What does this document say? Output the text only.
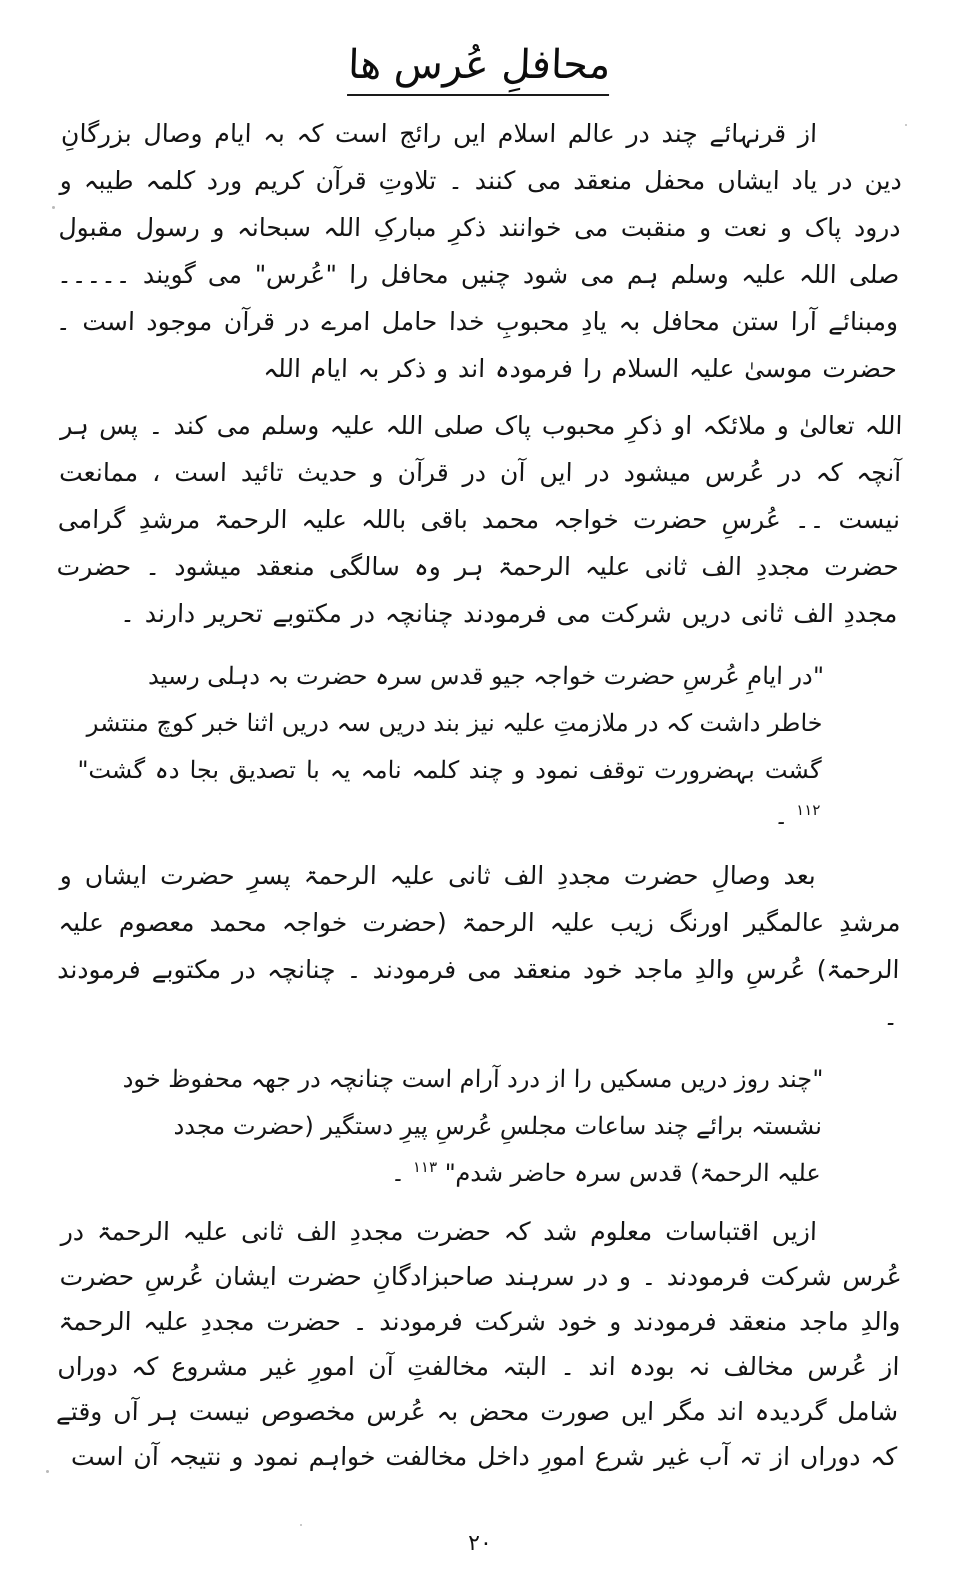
محافلِ عُرس ها
از قرنہائے چند در عالم اسلام ایں رائج است کہ بہ ایام وصال بزرگانِ دین در یاد ایشاں محفل منعقد می کنند ۔ تلاوتِ قرآن کریم ورد کلمہ طیبہ و درود پاک و نعت و منقبت می خوانند ذکرِ مبارکِ اللہ سبحانہ و رسول مقبول صلی اللہ علیہ وسلم ہم می شود چنیں محافل را "عُرس" می گویند ۔۔۔۔۔ ومبنائے آرا ستن محافل بہ یادِ محبوبِ خدا حامل امرے در قرآن موجود است ۔ حضرت موسیٰ علیہ السلام را فرمودہ اند و ذکر بہ ایام اللہ
اللہ تعالیٰ و ملائکہ او ذکرِ محبوب پاک صلی اللہ علیہ وسلم می کند ۔ پس ہر آنچہ کہ در عُرس میشود در ایں آن در قرآن و حدیث تائید است ، ممانعت نیست ۔۔ عُرسِ حضرت خواجہ محمد باقی باللہ علیہ الرحمۃ مرشدِ گرامی حضرت مجددِ الف ثانی علیہ الرحمۃ ہر وہ سالگی منعقد میشود ۔ حضرت مجددِ الف ثانی دریں شرکت می فرمودند چنانچہ در مکتوبے تحریر دارند ۔
"در ایامِ عُرسِ حضرت خواجہ جیو قدس سرہ حضرت بہ دہلی رسید
خاطر داشت کہ در ملازمتِ علیہ نیز بند دریں سہ دریں اثنا خبر کوچ منتشر
گشت بہضرورت توقف نمود و چند کلمہ نامہ یہ با تصدیق بجا دہ گشت" $^{۱۱۲}$ ۔
بعد وصالِ حضرت مجددِ الف ثانی علیہ الرحمۃ پسرِ حضرت ایشاں و مرشدِ عالمگیر اورنگ زیب علیہ الرحمۃ (حضرت خواجہ محمد معصوم علیہ الرحمۃ) عُرسِ والدِ ماجد خود منعقد می فرمودند ۔ چنانچہ در مکتوبے فرمودند ۔
"چند روز دریں مسکیں را از درد آرام است چنانچہ در جھہ محفوظ خود
نشستہ برائے چند ساعات مجلسِ عُرسِ پیرِ دستگیر (حضرت مجدد
علیہ الرحمۃ) قدس سرہ حاضر شدم" $^{۱۱۳}$ ۔
ازیں اقتباسات معلوم شد کہ حضرت مجددِ الف ثانی علیہ الرحمۃ در عُرس شرکت فرمودند ۔ و در سرہند صاحبزادگانِ حضرت ایشان عُرسِ حضرت والدِ ماجد منعقد فرمودند و خود شرکت فرمودند ۔ حضرت مجددِ علیہ الرحمۃ از عُرس مخالف نہ بودہ اند ۔ البتہ مخالفتِ آن امورِ غیر مشروع کہ دوراں شامل گردیدہ اند مگر ایں صورت محض بہ عُرس مخصوص نیست ہر آں وقتے کہ دوراں از تہ آب غیر شرع امورِ داخل مخالفت خواہم نمود و نتیجہ آن است
۲۰
